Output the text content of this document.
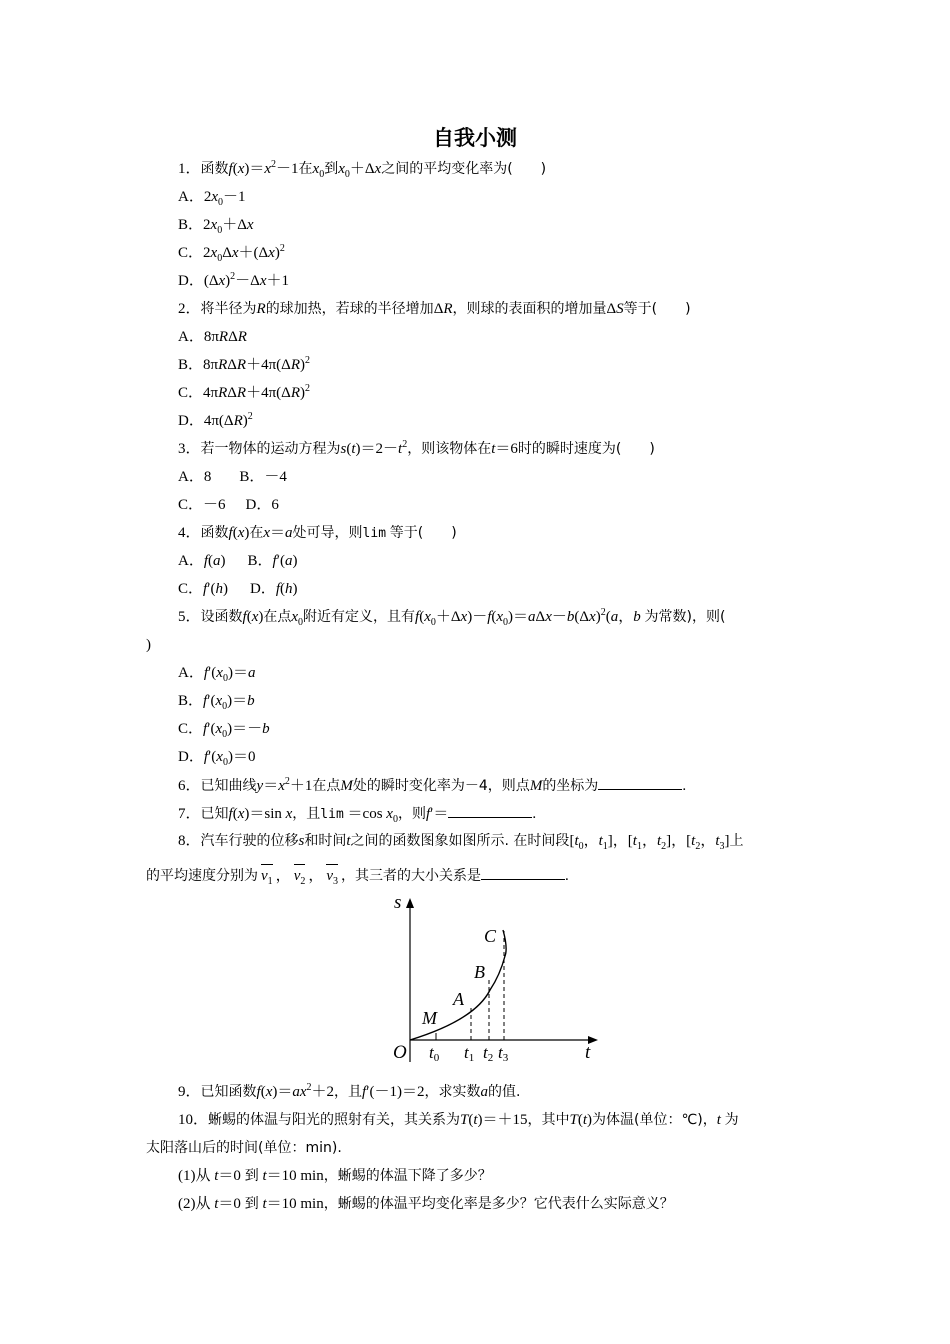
自我小测
1．函数$f(x)=x^2-1$在$x_0$到$x_0+\Delta x$之间的平均变化率为(　　)
A．$2x_0-1$
B．$2x_0+\Delta x$
C．$2x_0\Delta x+(\Delta x)^2$
D．$(\Delta x)^2-\Delta x+1$
2．将半径为R的球加热，若球的半径增加ΔR，则球的表面积的增加量ΔS等于(　　)
A．8πRΔR
B．$8\pi R\Delta R+4\pi(\Delta R)^2$
C．$4\pi R\Delta R+4\pi(\Delta R)^2$
D．$4\pi(\Delta R)^2$
3．若一物体的运动方程为$s(t)=2-t^2$，则该物体在t＝6时的瞬时速度为(　　)
A．8 B．－4
C．－6 D．6
4．函数f(x)在x＝a处可导，则lim 等于(　　)
A．f(a) B．f′(a)
C．f′(h) D．f(h)
5．设函数f(x)在点$x_0$附近有定义，且有$f(x_0+\Delta x)-f(x_0)=a\Delta x-b(\Delta x)^2(a$，b 为常数)，则(
)
A．$f'(x_0)=a$
B．$f'(x_0)=b$
C．$f'(x_0)=-b$
D．$f'(x_0)=0$
6．已知曲线$y=x^2+1$在点M处的瞬时变化率为－4，则点M的坐标为	.
7．已知f(x)＝sin x，且lim ＝cos $x_0$，则f′＝	.
8．汽车行驶的位移s和时间t之间的函数图象如图所示. 在时间段[$t_0$，$t_1$]，[$t_1$，$t_2$]，[$t_2$，$t_3$]上
的平均速度分别为 $v_1$ ， $v_2$ ， $v_3$ ，其三者的大小关系是	.
s
t
O
M
A
B
C
t0 t1 t2 t3
9．已知函数$f(x)=ax^2+2$，且f′(－1)＝2，求实数a的值.
10．蜥蜴的体温与阳光的照射有关，其关系为T(t)＝＋15，其中T(t)为体温(单位：℃)，t 为
太阳落山后的时间(单位：min).
(1)从 t＝0 到 t＝10 min，蜥蜴的体温下降了多少？
(2)从 t＝0 到 t＝10 min，蜥蜴的体温平均变化率是多少？它代表什么实际意义？
